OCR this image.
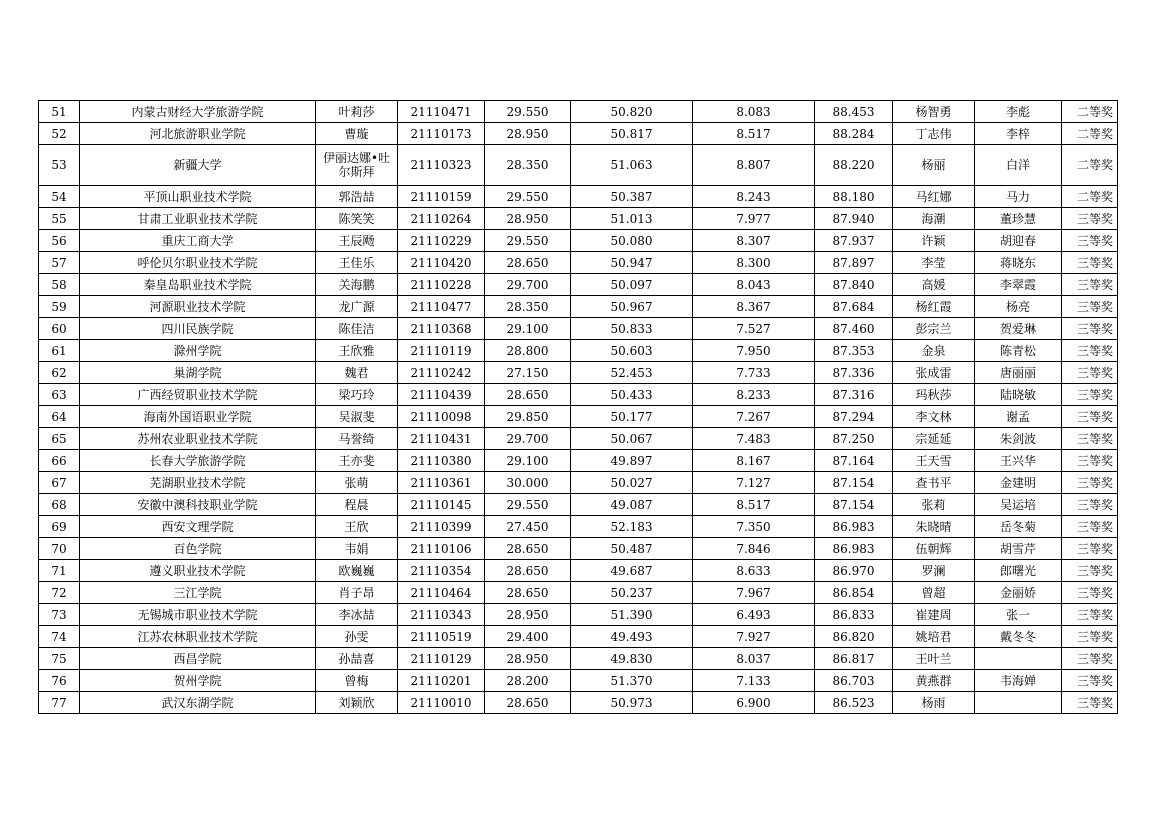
51	内蒙古财经大学旅游学院	叶莉莎	21110471	29.550	50.820	8.083	88.453	杨智勇	李彪	二等奖
52	河北旅游职业学院	曹璇	21110173	28.950	50.817	8.517	88.284	丁志伟	李梓	二等奖
53	新疆大学	伊丽达娜•吐尔斯拜	21110323	28.350	51.063	8.807	88.220	杨丽	白洋	二等奖
54	平顶山职业技术学院	郭浩喆	21110159	29.550	50.387	8.243	88.180	马红娜	马力	二等奖
55	甘肃工业职业技术学院	陈笑笑	21110264	28.950	51.013	7.977	87.940	海潮	董珍慧	三等奖
56	重庆工商大学	王辰飏	21110229	29.550	50.080	8.307	87.937	许颖	胡迎春	三等奖
57	呼伦贝尔职业技术学院	王佳乐	21110420	28.650	50.947	8.300	87.897	李莹	蒋晓东	三等奖
58	秦皇岛职业技术学院	关海鹏	21110228	29.700	50.097	8.043	87.840	高媛	李翠霞	三等奖
59	河源职业技术学院	龙广源	21110477	28.350	50.967	8.367	87.684	杨红霞	杨亮	三等奖
60	四川民族学院	陈佳洁	21110368	29.100	50.833	7.527	87.460	彭宗兰	贺爱琳	三等奖
61	滁州学院	王欣雅	21110119	28.800	50.603	7.950	87.353	金泉	陈青松	三等奖
62	巢湖学院	魏君	21110242	27.150	52.453	7.733	87.336	张成雷	唐丽丽	三等奖
63	广西经贸职业技术学院	梁巧玲	21110439	28.650	50.433	8.233	87.316	玛秋莎	陆晓敏	三等奖
64	海南外国语职业学院	吴淑斐	21110098	29.850	50.177	7.267	87.294	李文林	谢孟	三等奖
65	苏州农业职业技术学院	马誉绮	21110431	29.700	50.067	7.483	87.250	宗延延	朱剑波	三等奖
66	长春大学旅游学院	王亦斐	21110380	29.100	49.897	8.167	87.164	王天雪	王兴华	三等奖
67	芜湖职业技术学院	张萌	21110361	30.000	50.027	7.127	87.154	查书平	金建明	三等奖
68	安徽中澳科技职业学院	程晨	21110145	29.550	49.087	8.517	87.154	张莉	吴运培	三等奖
69	西安文理学院	王欣	21110399	27.450	52.183	7.350	86.983	朱晓晴	岳冬菊	三等奖
70	百色学院	韦娟	21110106	28.650	50.487	7.846	86.983	伍朝辉	胡雪芹	三等奖
71	遵义职业技术学院	欧巍巍	21110354	28.650	49.687	8.633	86.970	罗澜	郎曙光	三等奖
72	三江学院	肖子昂	21110464	28.650	50.237	7.967	86.854	曾超	金丽娇	三等奖
73	无锡城市职业技术学院	李冰喆	21110343	28.950	51.390	6.493	86.833	崔建周	张一	三等奖
74	江苏农林职业技术学院	孙雯	21110519	29.400	49.493	7.927	86.820	姚培君	戴冬冬	三等奖
75	西昌学院	孙喆喜	21110129	28.950	49.830	8.037	86.817	王叶兰		三等奖
76	贺州学院	曾梅	21110201	28.200	51.370	7.133	86.703	黄燕群	韦海婵	三等奖
77	武汉东湖学院	刘颖欣	21110010	28.650	50.973	6.900	86.523	杨雨		三等奖
